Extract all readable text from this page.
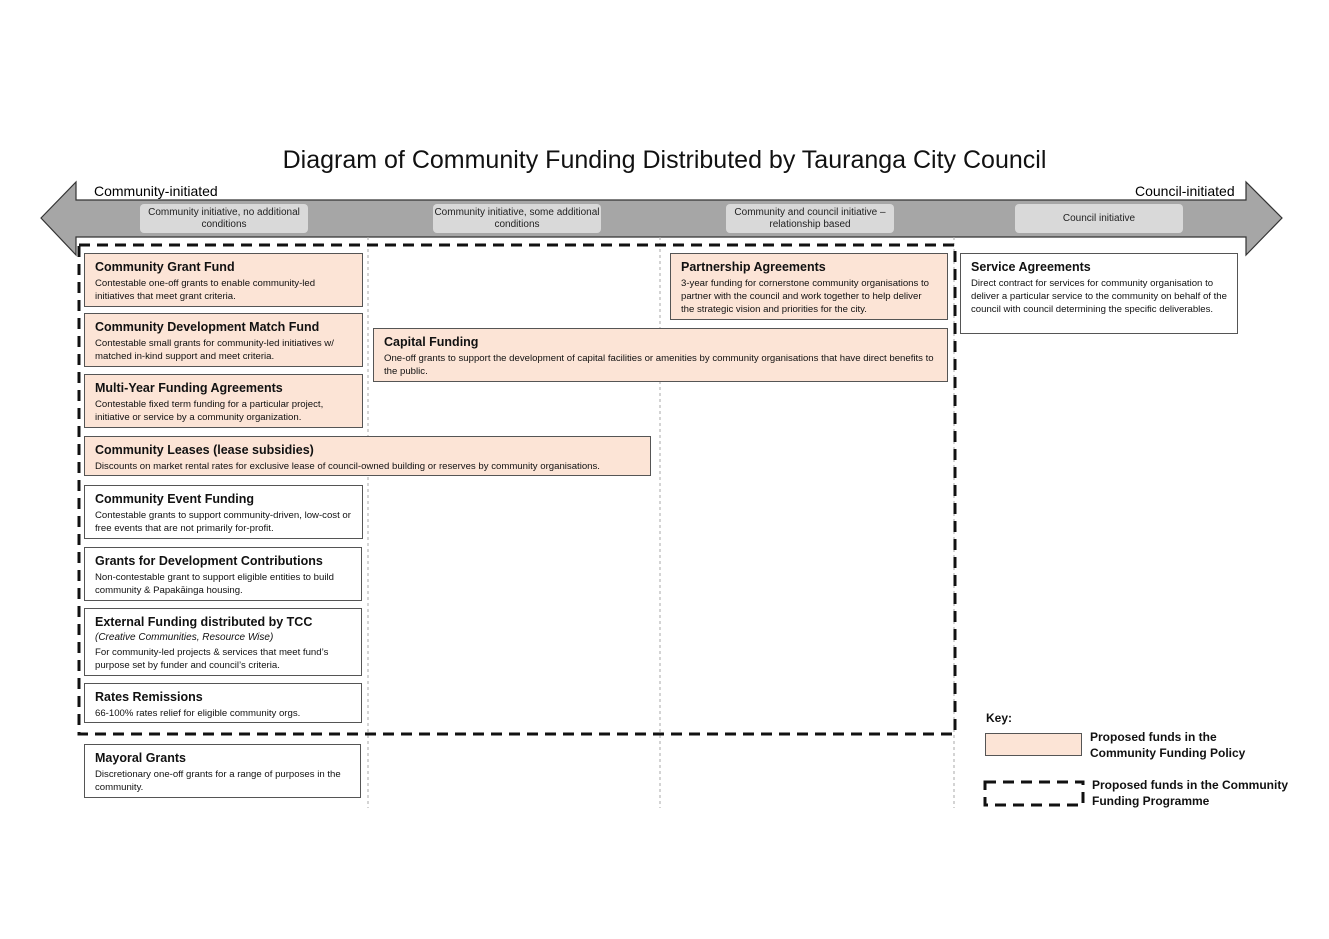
Diagram of Community Funding Distributed by Tauranga City Council
Community-initiated	Council-initiated
Community initiative, no additional conditions
Community initiative, some additional conditions
Community and council initiative – relationship based
Council initiative
Community Grant Fund
Contestable one-off grants to enable community-led initiatives that meet grant criteria.
Community Development Match Fund
Contestable small grants for community-led initiatives w/ matched in-kind support and meet criteria.
Multi-Year Funding Agreements
Contestable fixed term funding for a particular project, initiative or service by a community organization.
Community Leases (lease subsidies)
Discounts on market rental rates for exclusive lease of council-owned building or reserves by community organisations.
Community Event Funding
Contestable grants to support community-driven, low-cost or free events that are not primarily for-profit.
Grants for Development Contributions
Non-contestable grant to support eligible entities to build community & Papakāinga housing.
External Funding distributed by TCC (Creative Communities, Resource Wise)
For community-led projects & services that meet fund’s purpose set by funder and council’s criteria.
Rates Remissions
66-100% rates relief for eligible community orgs.
Mayoral Grants
Discretionary one-off grants for a range of purposes in the community.
Capital Funding
One-off grants to support the development of capital facilities or amenities by community organisations that have direct benefits to the public.
Partnership Agreements
3-year funding for cornerstone community organisations to partner with the council and work together to help deliver the strategic vision and priorities for the city.
Service Agreements
Direct contract for services for community organisation to deliver a particular service to the community on behalf of the council with council determining the specific deliverables.
Key:
Proposed funds in the Community Funding Policy
Proposed funds in the Community Funding Programme
